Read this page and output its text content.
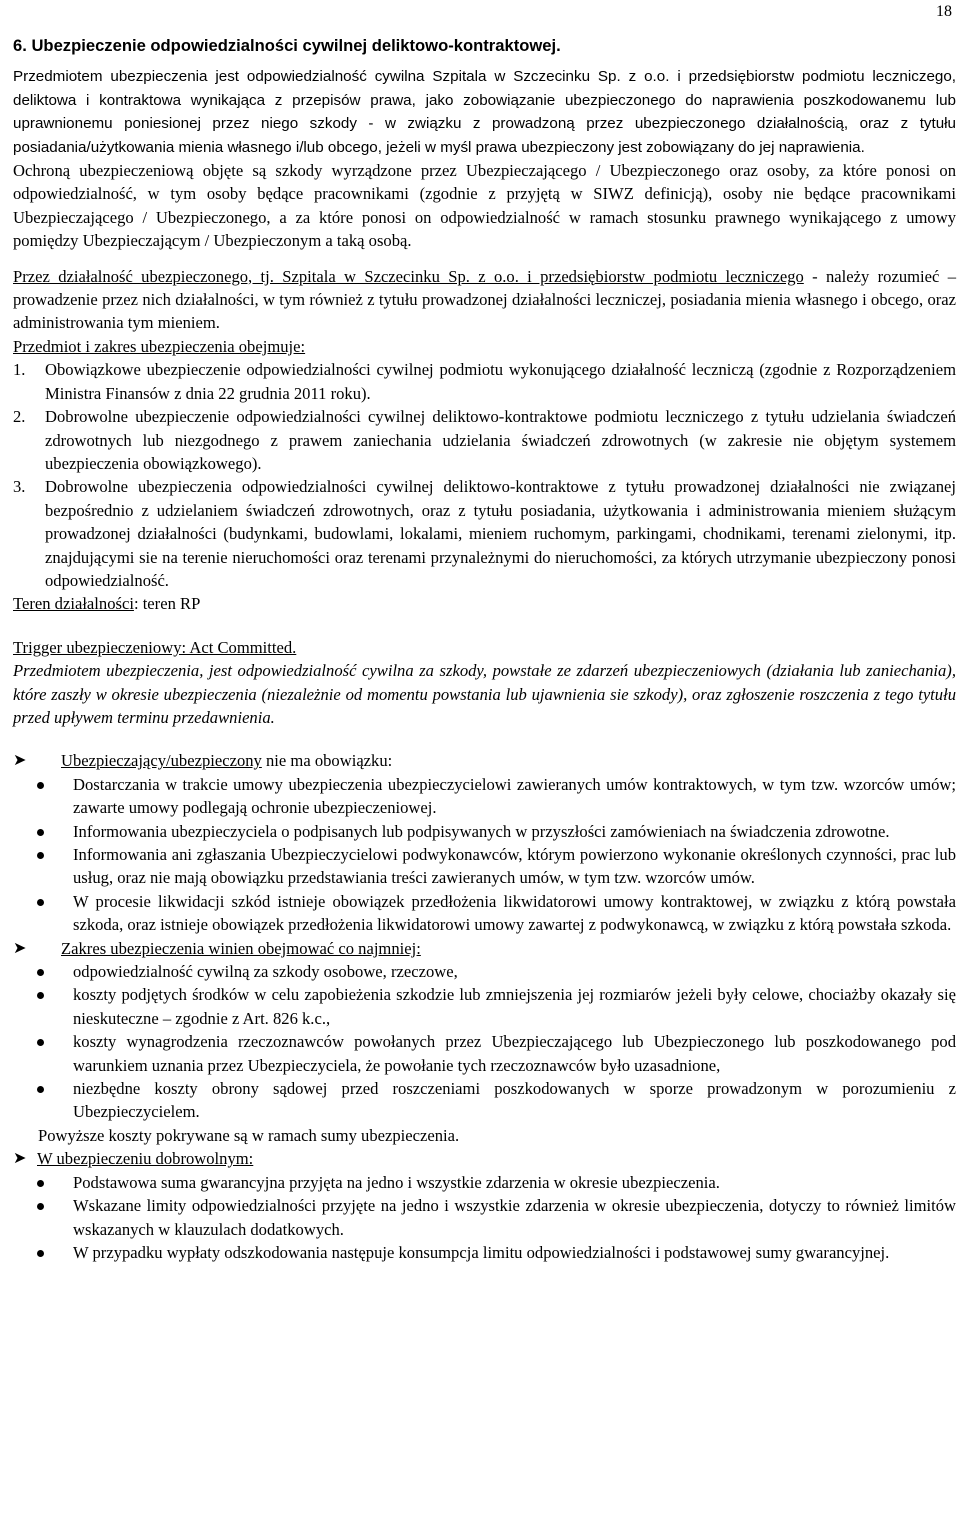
18
6. Ubezpieczenie odpowiedzialności cywilnej deliktowo-kontraktowej.

Przedmiotem ubezpieczenia jest odpowiedzialność cywilna Szpitala w Szczecinku Sp. z o.o. i przedsiębiorstw podmiotu leczniczego, deliktowa i kontraktowa wynikająca z przepisów prawa, jako zobowiązanie ubezpieczonego do naprawienia poszkodowanemu lub uprawnionemu poniesionej przez niego szkody - w związku z prowadzoną przez ubezpieczonego działalnością, oraz z tytułu posiadania/użytkowania mienia własnego i/lub obcego, jeżeli w myśl prawa ubezpieczony jest zobowiązany do jej naprawienia.

Ochroną ubezpieczeniową objęte są szkody wyrządzone przez Ubezpieczającego / Ubezpieczonego oraz osoby, za które ponosi on odpowiedzialność, w tym osoby będące pracownikami (zgodnie z przyjętą w SIWZ definicją), osoby nie będące pracownikami Ubezpieczającego / Ubezpieczonego, a za które ponosi on odpowiedzialność w ramach stosunku prawnego wynikającego z umowy pomiędzy Ubezpieczającym / Ubezpieczonym a taką osobą.

Przez działalność ubezpieczonego, tj. Szpitala w Szczecinku Sp. z o.o. i przedsiębiorstw podmiotu leczniczego - należy rozumieć – prowadzenie przez nich działalności, w tym również z tytułu prowadzonej działalności leczniczej, posiadania mienia własnego i obcego, oraz administrowania tym mieniem.

Przedmiot i zakres ubezpieczenia obejmuje:

1.	Obowiązkowe ubezpieczenie odpowiedzialności cywilnej podmiotu wykonującego działalność leczniczą (zgodnie z Rozporządzeniem Ministra Finansów z dnia 22 grudnia 2011 roku).
2.	Dobrowolne ubezpieczenie odpowiedzialności cywilnej deliktowo-kontraktowe podmiotu leczniczego z tytułu udzielania świadczeń zdrowotnych lub niezgodnego z prawem zaniechania udzielania świadczeń zdrowotnych (w zakresie nie objętym systemem ubezpieczenia obowiązkowego).
3.	Dobrowolne ubezpieczenia odpowiedzialności cywilnej deliktowo-kontraktowe z tytułu prowadzonej działalności nie związanej bezpośrednio z udzielaniem świadczeń zdrowotnych, oraz z tytułu posiadania, użytkowania i administrowania mieniem służącym prowadzonej działalności (budynkami, budowlami, lokalami, mieniem ruchomym, parkingami, chodnikami, terenami zielonymi, itp. znajdującymi sie na terenie nieruchomości oraz terenami przynależnymi do nieruchomości, za których utrzymanie ubezpieczony ponosi odpowiedzialność.

Teren działalności: teren RP

Trigger ubezpieczeniowy: Act Committed.

Przedmiotem ubezpieczenia, jest odpowiedzialność cywilna za szkody, powstałe ze zdarzeń ubezpieczeniowych (działania lub zaniechania), które zaszły w okresie ubezpieczenia (niezależnie od momentu powstania lub ujawnienia sie szkody), oraz zgłoszenie roszczenia z tego tytułu przed upływem terminu przedawnienia.

➤	Ubezpieczający/ubezpieczony nie ma obowiązku:
Dostarczania w trakcie umowy ubezpieczenia ubezpieczycielowi zawieranych umów kontraktowych, w tym tzw. wzorców umów; zawarte umowy podlegają ochronie ubezpieczeniowej.
Informowania ubezpieczyciela o podpisanych lub podpisywanych w przyszłości zamówieniach na świadczenia zdrowotne.
Informowania ani zgłaszania Ubezpieczycielowi podwykonawców, którym powierzono wykonanie określonych czynności, prac lub usług, oraz nie mają obowiązku przedstawiania treści zawieranych umów, w tym tzw. wzorców umów.
W procesie likwidacji szkód istnieje obowiązek przedłożenia likwidatorowi umowy kontraktowej, w związku z którą powstała szkoda, oraz istnieje obowiązek przedłożenia likwidatorowi umowy zawartej z podwykonawcą, w związku z którą powstała szkoda.
➤	Zakres ubezpieczenia winien obejmować co najmniej:
odpowiedzialność cywilną za szkody osobowe, rzeczowe,
koszty podjętych środków w celu zapobieżenia szkodzie lub zmniejszenia jej rozmiarów jeżeli były celowe, chociażby okazały się nieskuteczne – zgodnie z Art. 826 k.c.,
koszty wynagrodzenia rzeczoznawców powołanych przez Ubezpieczającego lub Ubezpieczonego lub poszkodowanego pod warunkiem uznania przez Ubezpieczyciela, że powołanie tych rzeczoznawców było uzasadnione,
niezbędne koszty obrony sądowej przed roszczeniami poszkodowanych w sporze prowadzonym w porozumieniu z Ubezpieczycielem.

Powyższe koszty pokrywane są w ramach sumy ubezpieczenia.

➤ W ubezpieczeniu dobrowolnym:
Podstawowa suma gwarancyjna przyjęta na jedno i wszystkie zdarzenia w okresie ubezpieczenia.
Wskazane limity odpowiedzialności przyjęte na jedno i wszystkie zdarzenia w okresie ubezpieczenia, dotyczy to również limitów wskazanych w klauzulach dodatkowych.
W przypadku wypłaty odszkodowania następuje konsumpcja limitu odpowiedzialności i podstawowej sumy gwarancyjnej.
